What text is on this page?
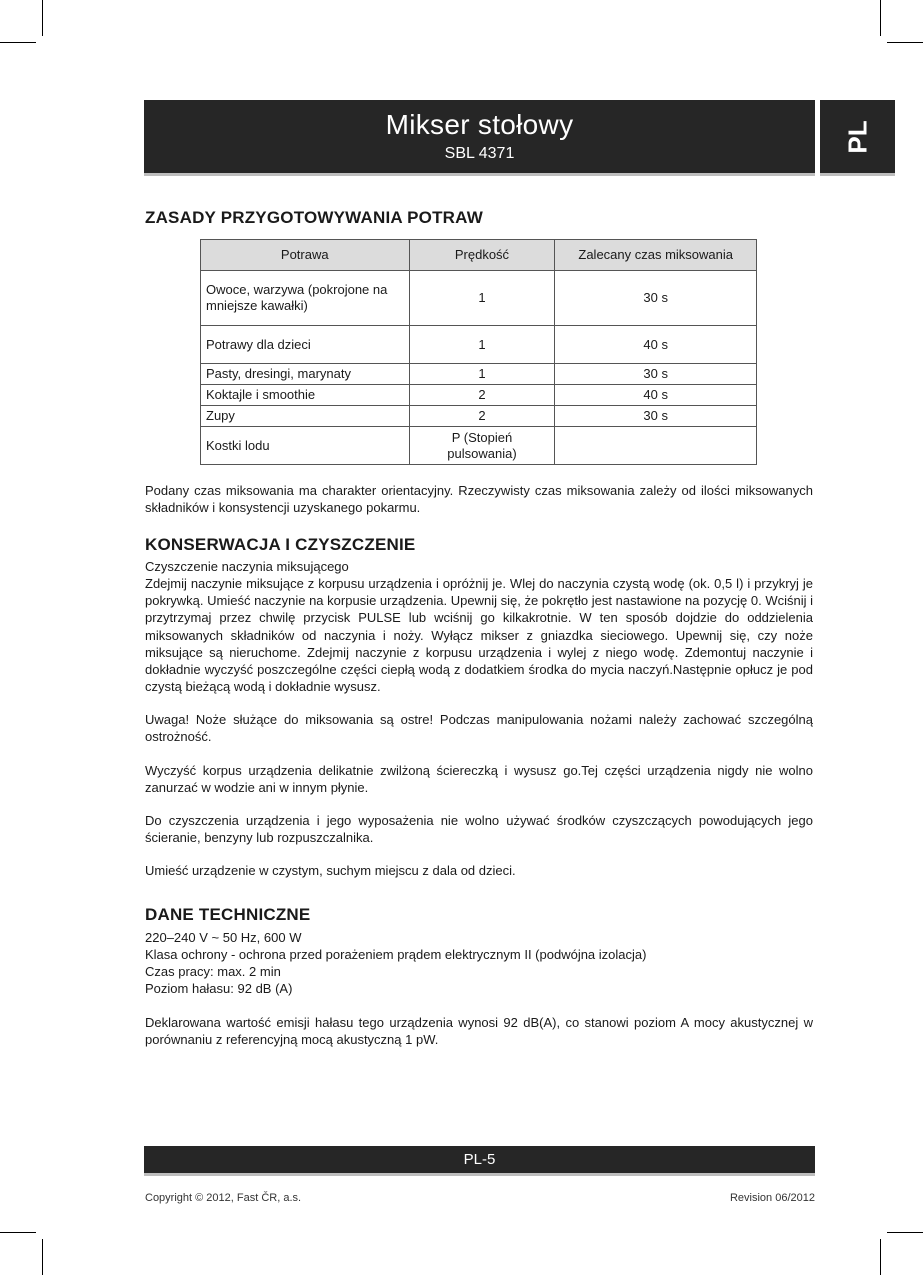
Mikser stołowy
SBL 4371
PL
ZASADY PRZYGOTOWYWANIA POTRAW
Potrawa	Prędkość	Zalecany czas miksowania
Owoce, warzywa (pokrojone na mniejsze kawałki)	1	30 s
Potrawy dla dzieci	1	40 s
Pasty, dresingi, marynaty	1	30 s
Koktajle i smoothie	2	40 s
Zupy	2	30 s
Kostki lodu	P (Stopień pulsowania)	

Podany czas miksowania ma charakter orientacyjny. Rzeczywisty czas miksowania zależy od ilości miksowanych składników i konsystencji uzyskanego pokarmu.

KONSERWACJA I CZYSZCZENIE

Czyszczenie naczynia miksującego

Zdejmij naczynie miksujące z korpusu urządzenia i opróżnij je. Wlej do naczynia czystą wodę (ok. 0,5 l) i przykryj je pokrywką. Umieść naczynie na korpusie urządzenia. Upewnij się, że pokrętło jest nastawione na pozycję 0. Wciśnij i przytrzymaj przez chwilę przycisk PULSE lub wciśnij go kilkakrotnie. W ten sposób dojdzie do oddzielenia miksowanych składników od naczynia i noży. Wyłącz mikser z gniazdka sieciowego. Upewnij się, czy noże miksujące są nieruchome. Zdejmij naczynie z korpusu urządzenia i wylej z niego wodę. Zdemontuj naczynie i dokładnie wyczyść poszczególne części ciepłą wodą z dodatkiem środka do mycia naczyń.Następnie opłucz je pod czystą bieżącą wodą i dokładnie wysusz.

Uwaga! Noże służące do miksowania są ostre! Podczas manipulowania nożami należy zachować szczególną ostrożność.

Wyczyść korpus urządzenia delikatnie zwilżoną ściereczką i wysusz go.Tej części urządzenia nigdy nie wolno zanurzać w wodzie ani w innym płynie.

Do czyszczenia urządzenia i jego wyposażenia nie wolno używać środków czyszczących powodujących jego ścieranie, benzyny lub rozpuszczalnika.

Umieść urządzenie w czystym, suchym miejscu z dala od dzieci.

DANE TECHNICZNE

220–240 V ~ 50 Hz, 600 W

Klasa ochrony - ochrona przed porażeniem prądem elektrycznym II (podwójna izolacja)

Czas pracy: max. 2 min

Poziom hałasu: 92 dB (A)

Deklarowana wartość emisji hałasu tego urządzenia wynosi 92 dB(A), co stanowi poziom A mocy akustycznej w porównaniu z referencyjną mocą akustyczną 1 pW.

PL-5
Copyright © 2012, Fast ČR, a.s.	Revision 06/2012
